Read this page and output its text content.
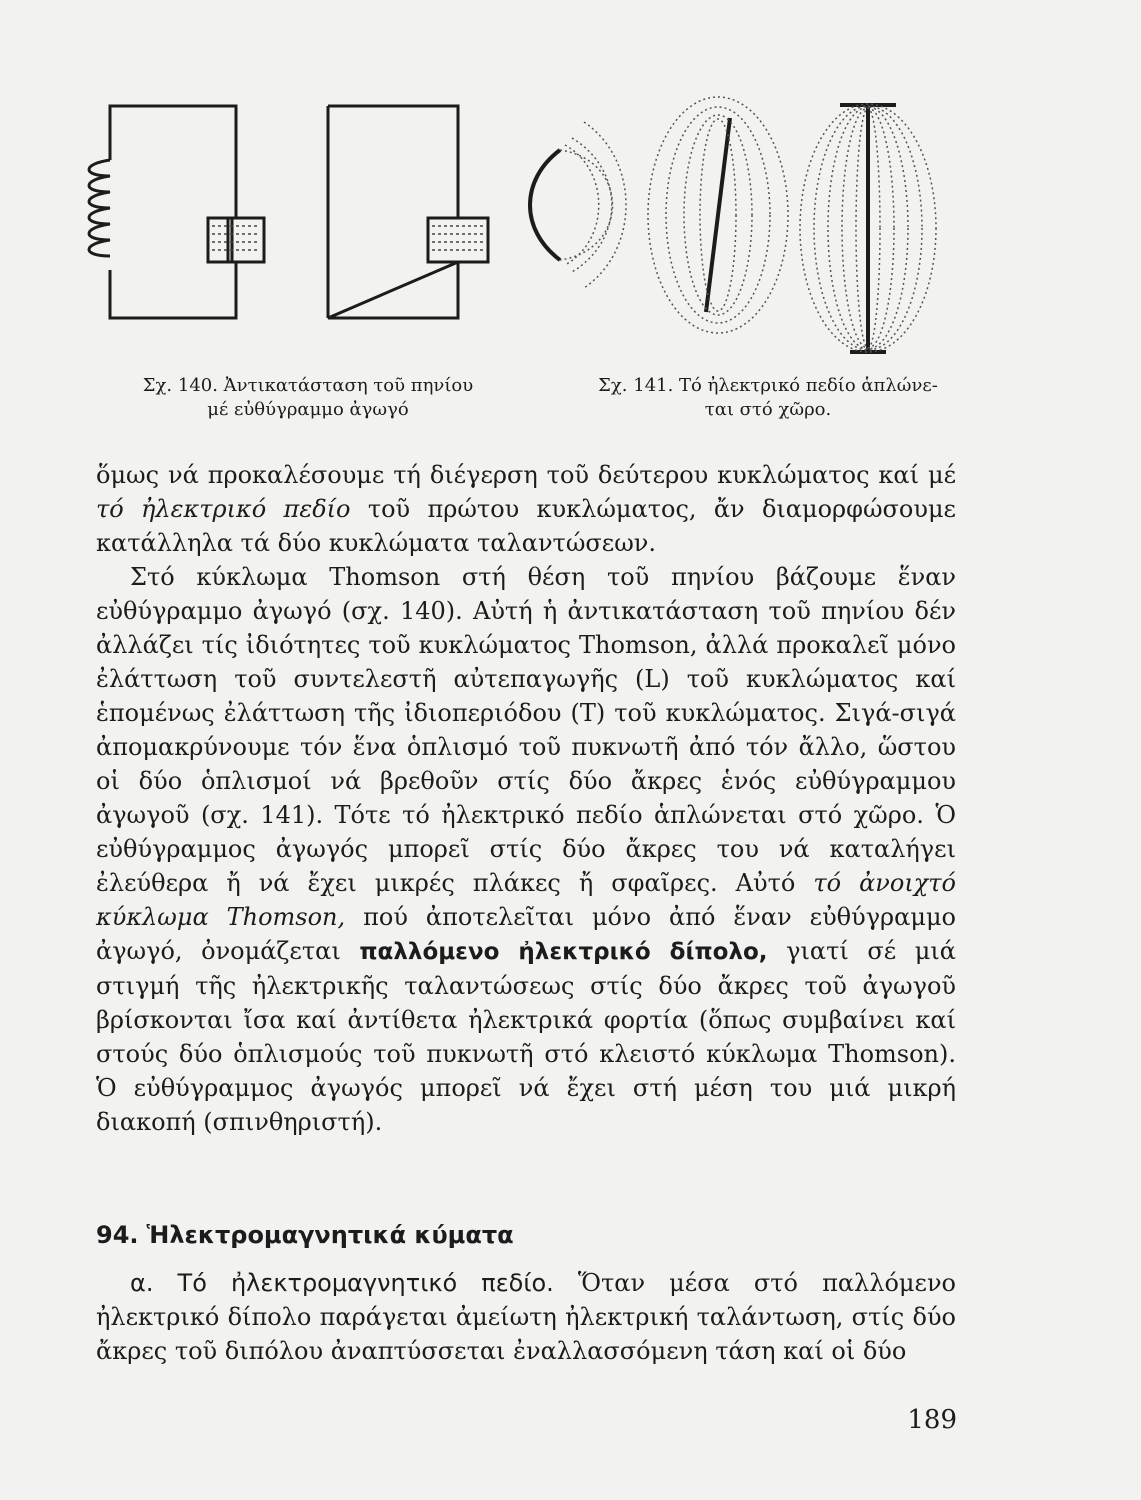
Σχ. 140. Ἀντικατάσταση τοῦ πηνίου
μέ εὐθύγραμμο ἀγωγό
Σχ. 141. Τό ἠλεκτρικό πεδίο ἁπλώνε-
ται στό χῶρο.

ὅμως νά προκαλέσουμε τή διέγερση τοῦ δεύτερου κυκλώματος καί μέ τό ἠλεκτρικό πεδίο τοῦ πρώτου κυκλώματος, ἄν διαμορφώσουμε κατάλληλα τά δύο κυκλώματα ταλαντώσεων.

Στό κύκλωμα Thomson στή θέση τοῦ πηνίου βάζουμε ἕναν εὐθύγραμμο ἀγωγό (σχ. 140). Αὐτή ἡ ἀντικατάσταση τοῦ πηνίου δέν ἀλλάζει τίς ἰδιότητες τοῦ κυκλώματος Thomson, ἀλλά προκαλεῖ μόνο ἐλάττωση τοῦ συντελεστῆ αὐτεπαγωγῆς (L) τοῦ κυκλώματος καί ἑπομένως ἐλάττωση τῆς ἰδιοπεριόδου (Τ) τοῦ κυκλώματος. Σιγά-σιγά ἀπομακρύνουμε τόν ἕνα ὁπλισμό τοῦ πυκνωτῆ ἀπό τόν ἄλλο, ὥστου οἱ δύο ὁπλισμοί νά βρεθοῦν στίς δύο ἄκρες ἑνός εὐθύγραμμου ἀγωγοῦ (σχ. 141). Τότε τό ἠλεκτρικό πεδίο ἁπλώνεται στό χῶρο. Ὁ εὐθύγραμμος ἀγωγός μπορεῖ στίς δύο ἄκρες του νά καταλήγει ἐλεύθερα ἤ νά ἔχει μικρές πλάκες ἤ σφαῖρες. Αὐτό τό ἀνοιχτό κύκλωμα Thomson, πού ἀποτελεῖται μόνο ἀπό ἕναν εὐθύγραμμο ἀγωγό, ὀνομάζεται παλλόμενο ἠλεκτρικό δίπολο, γιατί σέ μιά στιγμή τῆς ἠλεκτρικῆς ταλαντώσεως στίς δύο ἄκρες τοῦ ἀγωγοῦ βρίσκονται ἴσα καί ἀντίθετα ἠλεκτρικά φορτία (ὅπως συμβαίνει καί στούς δύο ὁπλισμούς τοῦ πυκνωτῆ στό κλειστό κύκλωμα Thomson). Ὁ εὐθύγραμμος ἀγωγός μπορεῖ νά ἔχει στή μέση του μιά μικρή διακοπή (σπινθηριστή).

94. Ἡλεκτρομαγνητικά κύματα

α. Τό ἠλεκτρομαγνητικό πεδίο. Ὅταν μέσα στό παλλόμενο ἠλεκτρικό δίπολο παράγεται ἀμείωτη ἠλεκτρική ταλάντωση, στίς δύο ἄκρες τοῦ διπόλου ἀναπτύσσεται ἐναλλασσόμενη τάση καί οἱ δύο

189
